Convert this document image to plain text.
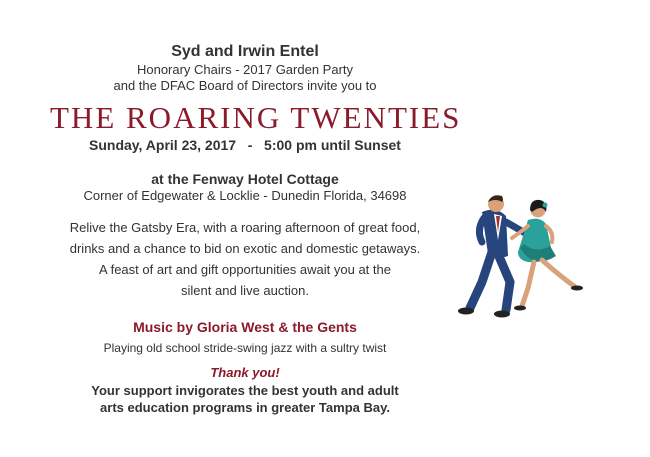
Syd and Irwin Entel
Honorary Chairs - 2017 Garden Party
and the DFAC Board of Directors invite you to
THE ROARING TWENTIES
Sunday, April 23, 2017   -   5:00 pm until Sunset
at the Fenway Hotel Cottage
Corner of Edgewater & Locklie - Dunedin Florida, 34698
Relive the Gatsby Era, with a roaring afternoon of great food,
drinks and a chance to bid on exotic and domestic getaways.
A feast of art and gift opportunities await you at the
silent and live auction.
Music by Gloria West & the Gents
Playing old school stride-swing jazz with a sultry twist
Thank you!
Your support invigorates the best youth and adult
arts education programs in greater Tampa Bay.
